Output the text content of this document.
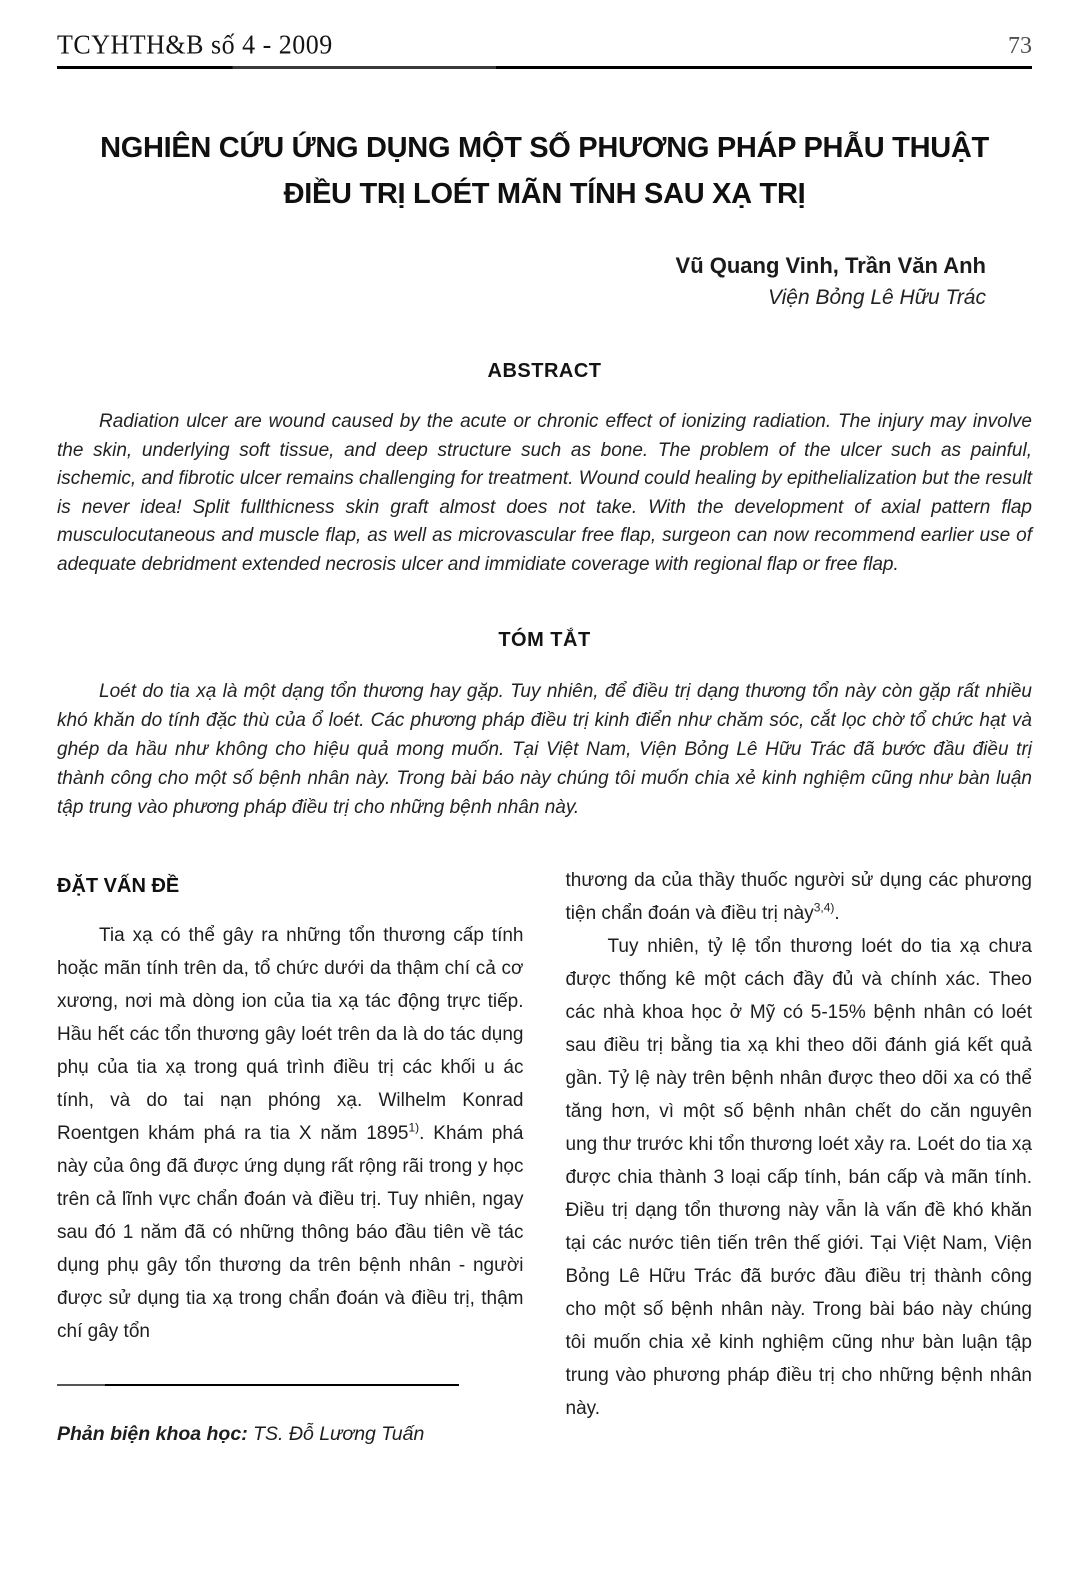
TCYHTH&B số 4 - 2009	73
NGHIÊN CỨU ỨNG DỤNG MỘT SỐ PHƯƠNG PHÁP PHẪU THUẬT
ĐIỀU TRỊ LOÉT MÃN TÍNH SAU XẠ TRỊ
Vũ Quang Vinh, Trần Văn Anh
Viện Bỏng Lê Hữu Trác
ABSTRACT

Radiation ulcer are wound caused by the acute or chronic effect of ionizing radiation. The injury may involve the skin, underlying soft tissue, and deep structure such as bone. The problem of the ulcer such as painful, ischemic, and fibrotic ulcer remains challenging for treatment. Wound could healing by epithelialization but the result is never idea! Split fullthicness skin graft almost does not take. With the development of axial pattern flap musculocutaneous and muscle flap, as well as microvascular free flap, surgeon can now recommend earlier use of adequate debridment extended necrosis ulcer and immidiate coverage with regional flap or free flap.

TÓM TẮT

Loét do tia xạ là một dạng tổn thương hay gặp. Tuy nhiên, để điều trị dạng thương tổn này còn gặp rất nhiều khó khăn do tính đặc thù của ổ loét. Các phương pháp điều trị kinh điển như chăm sóc, cắt lọc chờ tổ chức hạt và ghép da hầu như không cho hiệu quả mong muốn. Tại Việt Nam, Viện Bỏng Lê Hữu Trác đã bước đầu điều trị thành công cho một số bệnh nhân này. Trong bài báo này chúng tôi muốn chia xẻ kinh nghiệm cũng như bàn luận tập trung vào phương pháp điều trị cho những bệnh nhân này.

ĐẶT VẤN ĐỀ

Tia xạ có thể gây ra những tổn thương cấp tính hoặc mãn tính trên da, tổ chức dưới da thậm chí cả cơ xương, nơi mà dòng ion của tia xạ tác động trực tiếp. Hầu hết các tổn thương gây loét trên da là do tác dụng phụ của tia xạ trong quá trình điều trị các khối u ác tính, và do tai nạn phóng xạ. Wilhelm Konrad Roentgen khám phá ra tia X năm 1895$^{1)}$. Khám phá này của ông đã được ứng dụng rất rộng rãi trong y học trên cả lĩnh vực chẩn đoán và điều trị. Tuy nhiên, ngay sau đó 1 năm đã có những thông báo đầu tiên về tác dụng phụ gây tổn thương da trên bệnh nhân - người được sử dụng tia xạ trong chẩn đoán và điều trị, thậm chí gây tổn

Phản biện khoa học: TS. Đỗ Lương Tuấn

thương da của thầy thuốc người sử dụng các phương tiện chẩn đoán và điều trị này$^{3,4)}$.

Tuy nhiên, tỷ lệ tổn thương loét do tia xạ chưa được thống kê một cách đầy đủ và chính xác. Theo các nhà khoa học ở Mỹ có 5-15% bệnh nhân có loét sau điều trị bằng tia xạ khi theo dõi đánh giá kết quả gần. Tỷ lệ này trên bệnh nhân được theo dõi xa có thể tăng hơn, vì một số bệnh nhân chết do căn nguyên ung thư trước khi tổn thương loét xảy ra. Loét do tia xạ được chia thành 3 loại cấp tính, bán cấp và mãn tính. Điều trị dạng tổn thương này vẫn là vấn đề khó khăn tại các nước tiên tiến trên thế giới. Tại Việt Nam, Viện Bỏng Lê Hữu Trác đã bước đầu điều trị thành công cho một số bệnh nhân này. Trong bài báo này chúng tôi muốn chia xẻ kinh nghiệm cũng như bàn luận tập trung vào phương pháp điều trị cho những bệnh nhân này.
